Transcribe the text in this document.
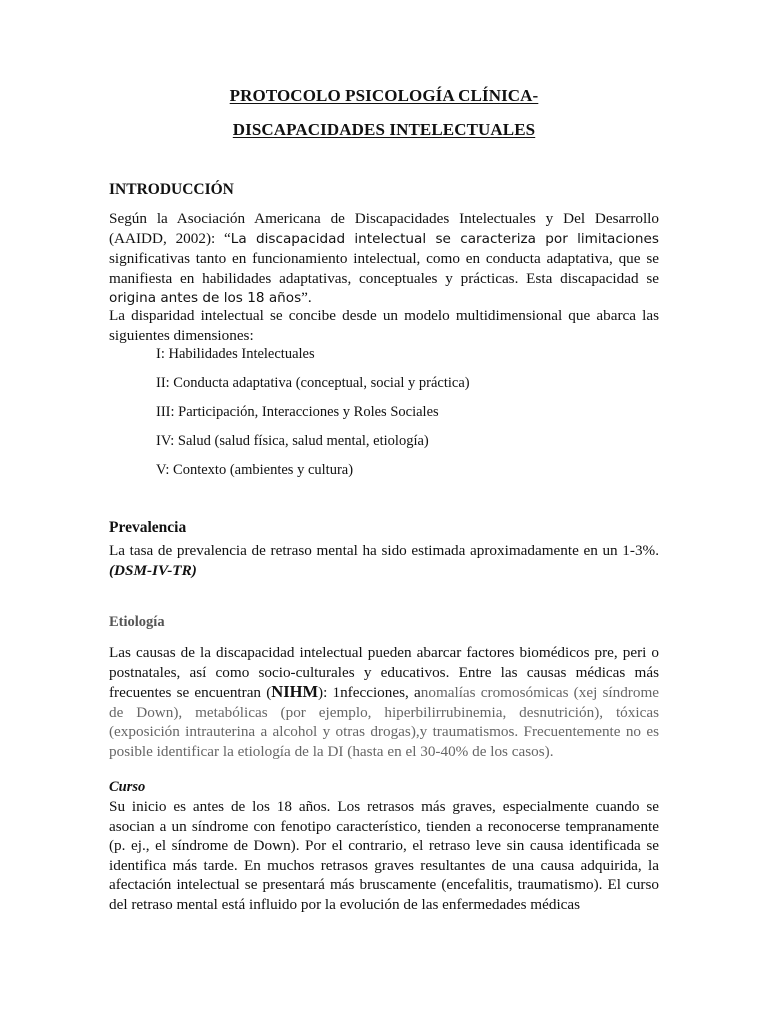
PROTOCOLO PSICOLOGÍA CLÍNICA-
DISCAPACIDADES INTELECTUALES
INTRODUCCIÓN

Según la Asociación Americana de Discapacidades Intelectuales y Del Desarrollo (AAIDD, 2002): “La discapacidad intelectual se caracteriza por limitaciones significativas tanto en funcionamiento intelectual, como en conducta adaptativa, que se manifiesta en habilidades adaptativas, conceptuales y prácticas. Esta discapacidad se origina antes de los 18 años”.

La disparidad intelectual se concibe desde un modelo multidimensional que abarca las siguientes dimensiones:

I: Habilidades Intelectuales
II: Conducta adaptativa (conceptual, social y práctica)
III: Participación, Interacciones y Roles Sociales
IV: Salud (salud física, salud mental, etiología)
V: Contexto (ambientes y cultura)
Prevalencia

La tasa de prevalencia de retraso mental ha sido estimada aproximadamente en un 1-3%. (DSM-IV-TR)

Etiología

Las causas de la discapacidad intelectual pueden abarcar factores biomédicos pre, peri o postnatales, así como socio-culturales y educativos. Entre las causas médicas más frecuentes se encuentran (NIHM): 1nfecciones, anomalías cromosómicas (xej síndrome de Down), metabólicas (por ejemplo, hiperbilirrubinemia, desnutrición), tóxicas (exposición intrauterina a alcohol y otras drogas),y traumatismos. Frecuentemente no es posible identificar la etiología de la DI (hasta en el 30-40% de los casos).

Curso

Su inicio es antes de los 18 años. Los retrasos más graves, especialmente cuando se asocian a un síndrome con fenotipo característico, tienden a reconocerse tempranamente (p. ej., el síndrome de Down). Por el contrario, el retraso leve sin causa identificada se identifica más tarde. En muchos retrasos graves resultantes de una causa adquirida, la afectación intelectual se presentará más bruscamente (encefalitis, traumatismo). El curso del retraso mental está influido por la evolución de las enfermedades médicas
